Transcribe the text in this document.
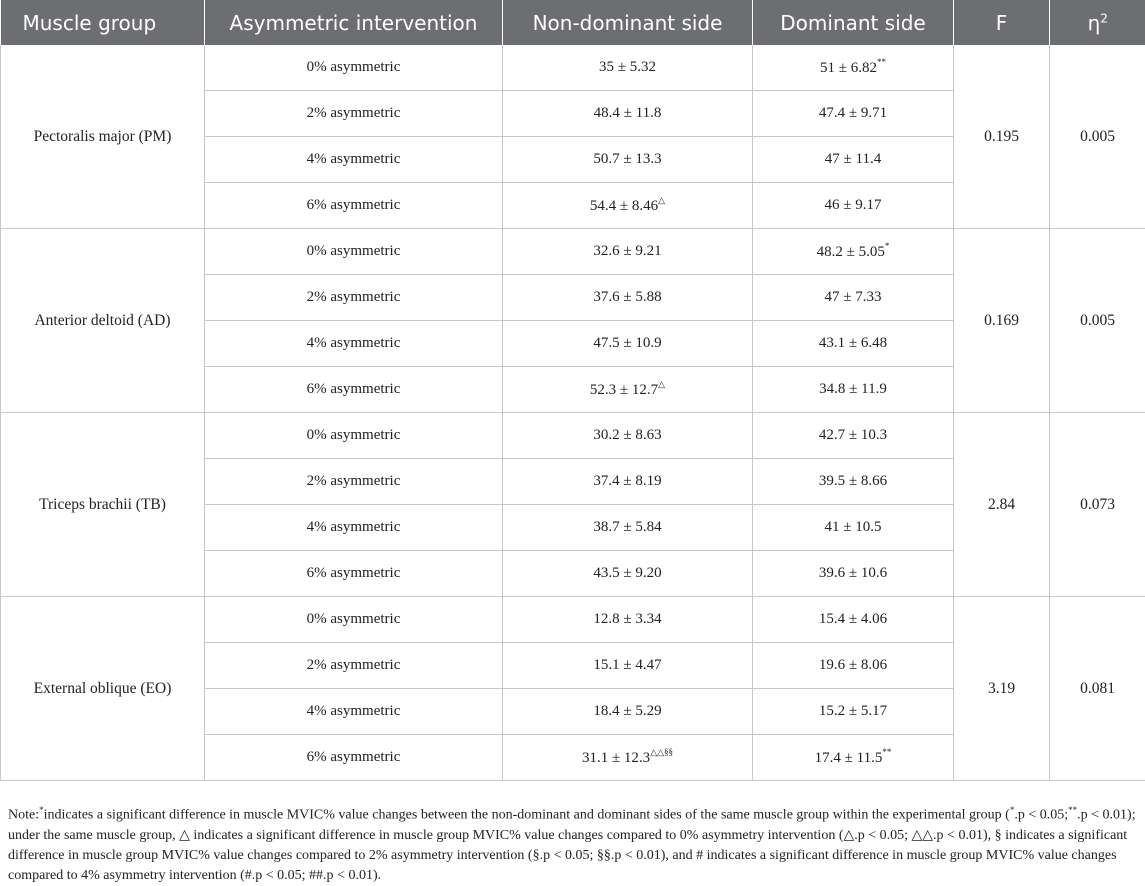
Muscle group	Asymmetric intervention	Non-dominant side	Dominant side	F	$\eta^2$
Pectoralis major (PM)	0% asymmetric	35 ± 5.32	51 ± 6.82**	0.195	0.005
	2% asymmetric	48.4 ± 11.8	47.4 ± 9.71		
	4% asymmetric	50.7 ± 13.3	47 ± 11.4		
	6% asymmetric	54.4 ± 8.46△	46 ± 9.17		
Anterior deltoid (AD)	0% asymmetric	32.6 ± 9.21	48.2 ± 5.05*	0.169	0.005
	2% asymmetric	37.6 ± 5.88	47 ± 7.33		
	4% asymmetric	47.5 ± 10.9	43.1 ± 6.48		
	6% asymmetric	52.3 ± 12.7△	34.8 ± 11.9		
Triceps brachii (TB)	0% asymmetric	30.2 ± 8.63	42.7 ± 10.3	2.84	0.073
	2% asymmetric	37.4 ± 8.19	39.5 ± 8.66		
	4% asymmetric	38.7 ± 5.84	41 ± 10.5		
	6% asymmetric	43.5 ± 9.20	39.6 ± 10.6		
External oblique (EO)	0% asymmetric	12.8 ± 3.34	15.4 ± 4.06	3.19	0.081
	2% asymmetric	15.1 ± 4.47	19.6 ± 8.06		
	4% asymmetric	18.4 ± 5.29	15.2 ± 5.17		
	6% asymmetric	31.1 ± 12.3△△§§	17.4 ± 11.5**
Note:*indicates a significant difference in muscle MVIC% value changes between the non-dominant and dominant sides of the same muscle group within the experimental group (*.p < 0.05;**.p < 0.01); under the same muscle group, △ indicates a significant difference in muscle group MVIC% value changes compared to 0% asymmetry intervention (△.p < 0.05; △△.p < 0.01), § indicates a significant difference in muscle group MVIC% value changes compared to 2% asymmetry intervention (§.p < 0.05; §§.p < 0.01), and # indicates a significant difference in muscle group MVIC% value changes compared to 4% asymmetry intervention (#.p < 0.05; ##.p < 0.01).
